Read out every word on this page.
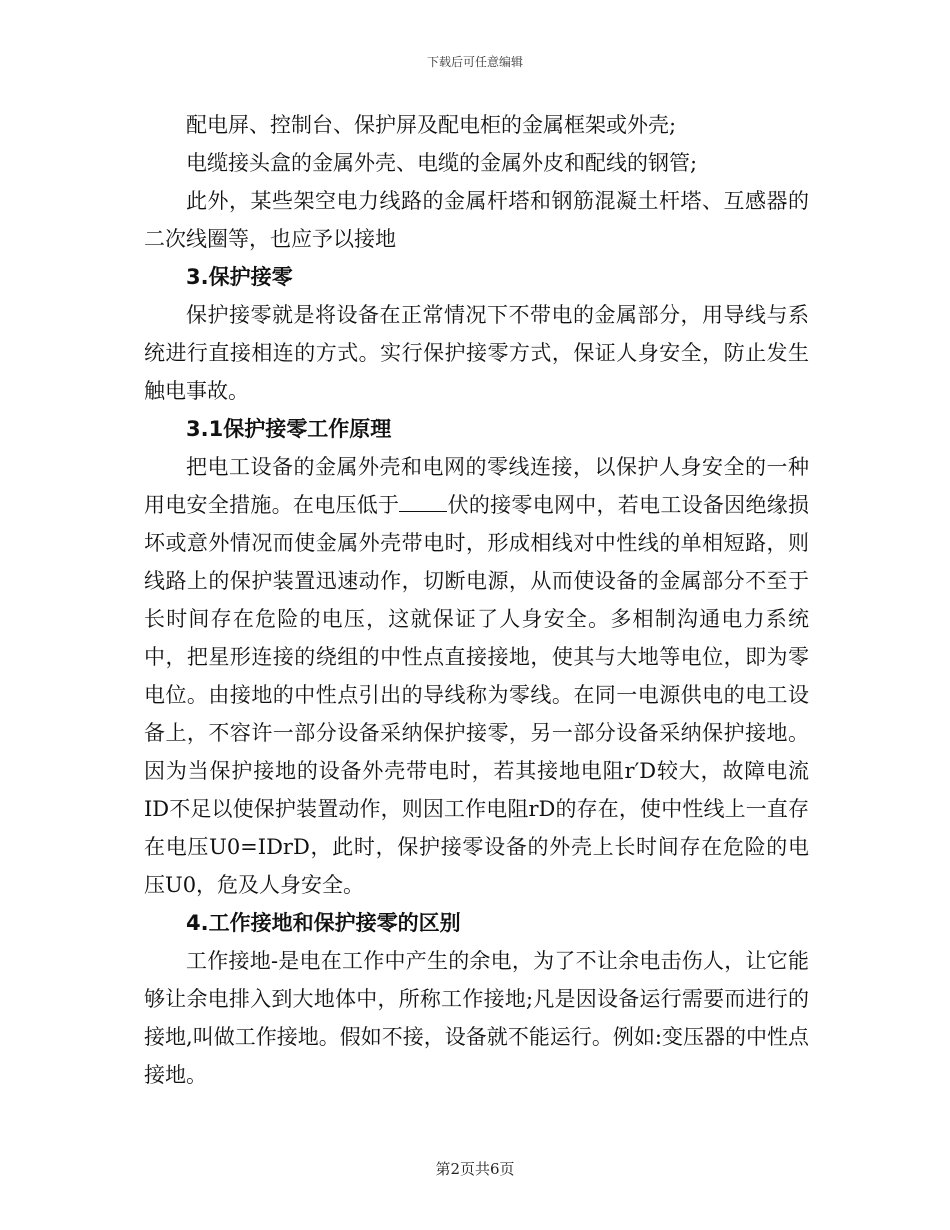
下载后可任意编辑

配电屏、控制台、保护屏及配电柜的金属框架或外壳;

电缆接头盒的金属外壳、电缆的金属外皮和配线的钢管;

此外，某些架空电力线路的金属杆塔和钢筋混凝土杆塔、互感器的二次线圈等，也应予以接地

3.保护接零

保护接零就是将设备在正常情况下不带电的金属部分，用导线与系统进行直接相连的方式。实行保护接零方式，保证人身安全，防止发生触电事故。

3.1保护接零工作原理

把电工设备的金属外壳和电网的零线连接，以保护人身安全的一种用电安全措施。在电压低于 伏的接零电网中，若电工设备因绝缘损坏或意外情况而使金属外壳带电时，形成相线对中性线的单相短路，则线路上的保护装置迅速动作，切断电源，从而使设备的金属部分不至于长时间存在危险的电压，这就保证了人身安全。多相制沟通电力系统中，把星形连接的绕组的中性点直接接地，使其与大地等电位，即为零电位。由接地的中性点引出的导线称为零线。在同一电源供电的电工设备上，不容许一部分设备采纳保护接零，另一部分设备采纳保护接地。因为当保护接地的设备外壳带电时，若其接地电阻r′D较大，故障电流ID不足以使保护装置动作，则因工作电阻rD的存在，使中性线上一直存在电压U0=IDrD，此时，保护接零设备的外壳上长时间存在危险的电压U0，危及人身安全。

4.工作接地和保护接零的区别

工作接地-是电在工作中产生的余电，为了不让余电击伤人，让它能够让余电排入到大地体中，所称工作接地;凡是因设备运行需要而进行的接地,叫做工作接地。假如不接，设备就不能运行。例如:变压器的中性点接地。

第2页共6页
